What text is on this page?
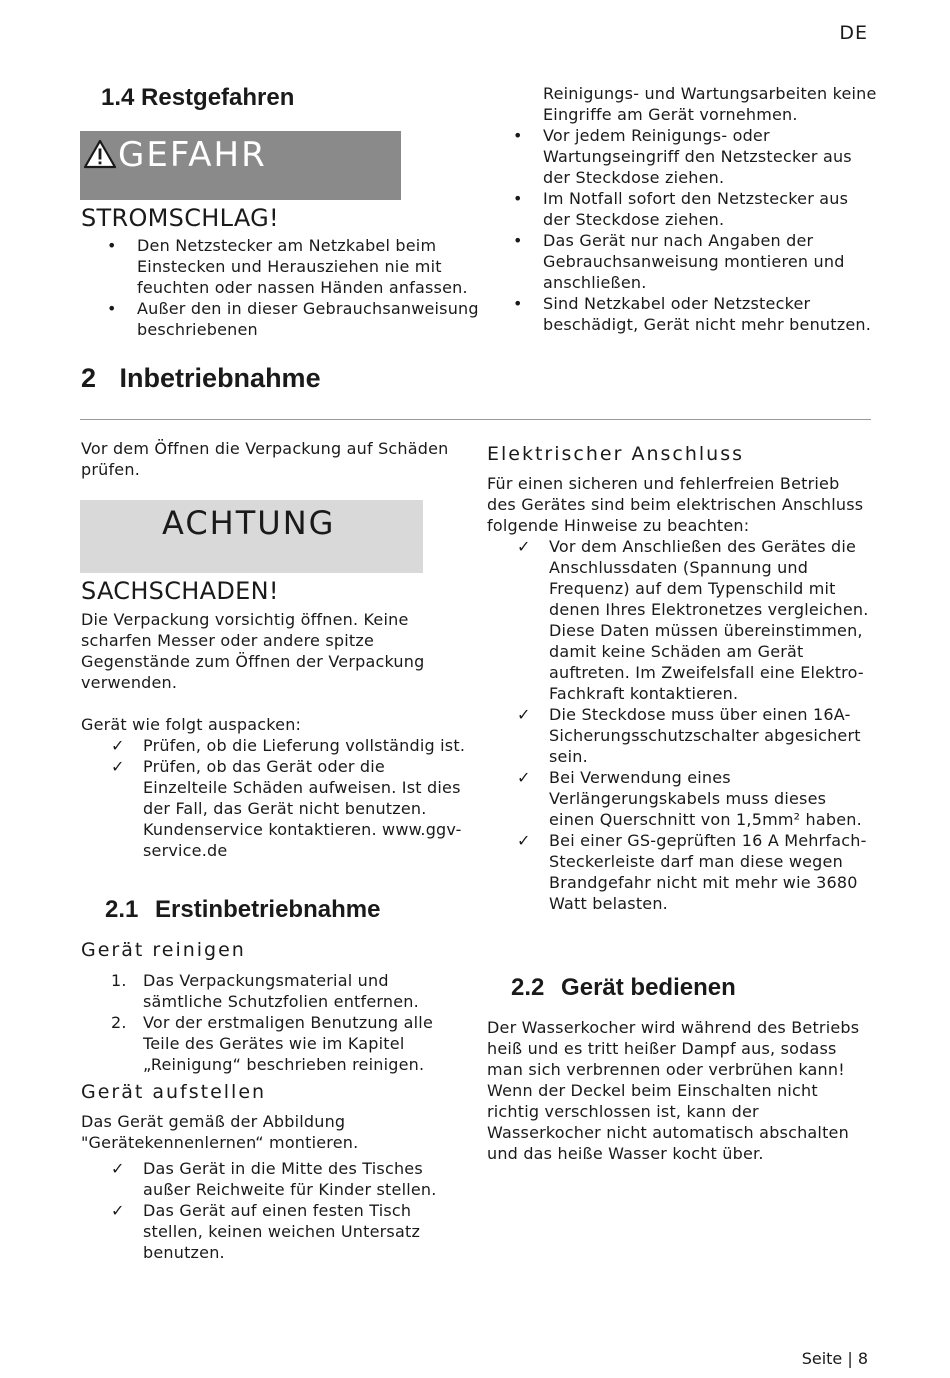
DE
1.4 Restgefahren
GEFAHR
STROMSCHLAG!
• Den Netzstecker am Netzkabel beim Einstecken und Herausziehen nie mit feuchten oder nassen Händen anfassen.
• Außer den in dieser Gebrauchsanweisung beschriebenen
Reinigungs- und Wartungsarbeiten keine Eingriffe am Gerät vornehmen.
• Vor jedem Reinigungs- oder Wartungseingriff den Netzstecker aus der Steckdose ziehen.
• Im Notfall sofort den Netzstecker aus der Steckdose ziehen.
• Das Gerät nur nach Angaben der Gebrauchsanweisung montieren und anschließen.
• Sind Netzkabel oder Netzstecker beschädigt, Gerät nicht mehr benutzen.
2 Inbetriebnahme
Vor dem Öffnen die Verpackung auf Schäden prüfen.
ACHTUNG
SACHSCHADEN!
Die Verpackung vorsichtig öffnen. Keine scharfen Messer oder andere spitze Gegenstände zum Öffnen der Verpackung verwenden.
Gerät wie folgt auspacken:
✓ Prüfen, ob die Lieferung vollständig ist.
✓ Prüfen, ob das Gerät oder die Einzelteile Schäden aufweisen. Ist dies der Fall, das Gerät nicht benutzen. Kundenservice kontaktieren. www.ggv-service.de
2.1 Erstinbetriebnahme
Gerät reinigen
1. Das Verpackungsmaterial und sämtliche Schutzfolien entfernen.
2. Vor der erstmaligen Benutzung alle Teile des Gerätes wie im Kapitel „Reinigung“ beschrieben reinigen.
Gerät aufstellen
Das Gerät gemäß der Abbildung "Gerätekennenlernen“ montieren.
✓ Das Gerät in die Mitte des Tisches außer Reichweite für Kinder stellen.
✓ Das Gerät auf einen festen Tisch stellen, keinen weichen Untersatz benutzen.
Elektrischer Anschluss
Für einen sicheren und fehlerfreien Betrieb des Gerätes sind beim elektrischen Anschluss folgende Hinweise zu beachten:
✓ Vor dem Anschließen des Gerätes die Anschlussdaten (Spannung und Frequenz) auf dem Typenschild mit denen Ihres Elektronetzes vergleichen. Diese Daten müssen übereinstimmen, damit keine Schäden am Gerät auftreten. Im Zweifelsfall eine Elektro-Fachkraft kontaktieren.
✓ Die Steckdose muss über einen 16A-Sicherungsschutzschalter abgesichert sein.
✓ Bei Verwendung eines Verlängerungskabels muss dieses einen Querschnitt von 1,5mm² haben.
✓ Bei einer GS-geprüften 16 A Mehrfach-Steckerleiste darf man diese wegen Brandgefahr nicht mit mehr wie 3680 Watt belasten.
2.2 Gerät bedienen
Der Wasserkocher wird während des Betriebs heiß und es tritt heißer Dampf aus, sodass man sich verbrennen oder verbrühen kann!
Wenn der Deckel beim Einschalten nicht richtig verschlossen ist, kann der Wasserkocher nicht automatisch abschalten und das heiße Wasser kocht über.
Seite | 8
